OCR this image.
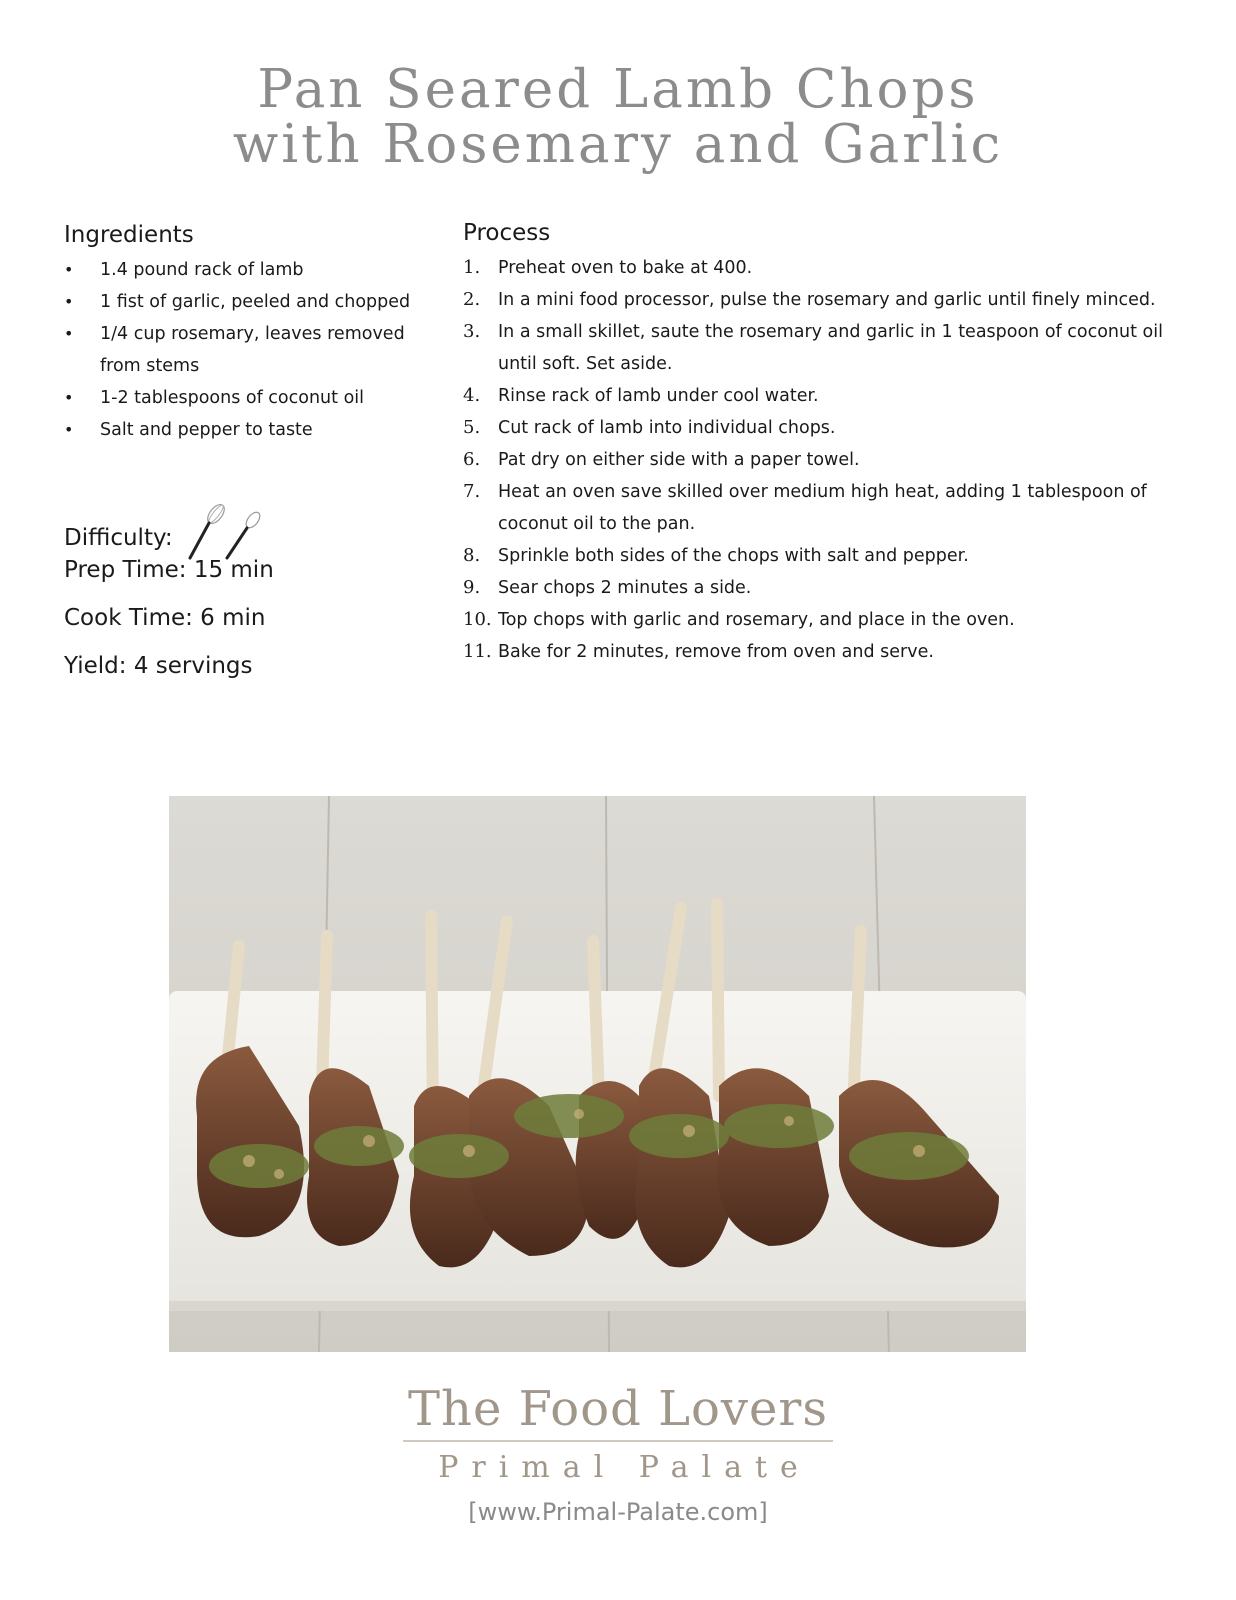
Pan Seared Lamb Chops
with Rosemary and Garlic
Ingredients
• 1.4 pound rack of lamb
• 1 fist of garlic, peeled and chopped
• 1/4 cup rosemary, leaves removed from stems
• 1-2 tablespoons of coconut oil
• Salt and pepper to taste
Difficulty:
Prep Time: 15 min
Cook Time: 6 min
Yield: 4 servings
Process
1. Preheat oven to bake at 400.
2. In a mini food processor, pulse the rosemary and garlic until finely minced.
3. In a small skillet, saute the rosemary and garlic in 1 teaspoon of coconut oil until soft. Set aside.
4. Rinse rack of lamb under cool water.
5. Cut rack of lamb into individual chops.
6. Pat dry on either side with a paper towel.
7. Heat an oven save skilled over medium high heat, adding 1 tablespoon of coconut oil to the pan.
8. Sprinkle both sides of the chops with salt and pepper.
9. Sear chops 2 minutes a side.
10. Top chops with garlic and rosemary, and place in the oven.
11. Bake for 2 minutes, remove from oven and serve.
The Food Lovers
Primal Palate
[www.Primal-Palate.com]
